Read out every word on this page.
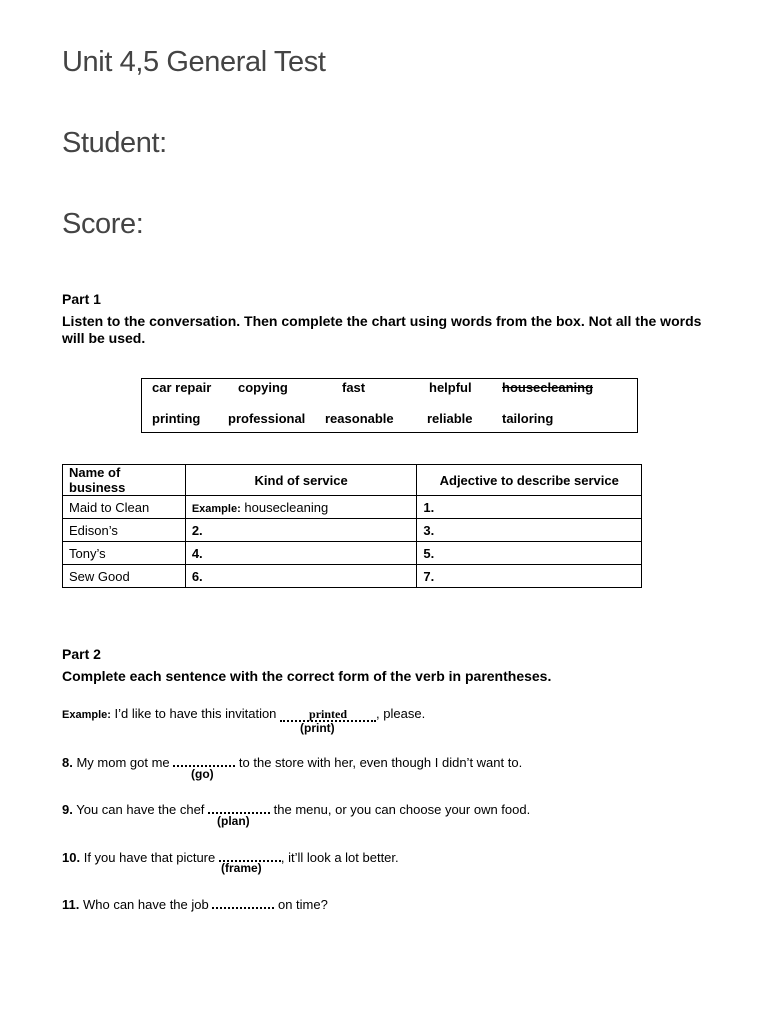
Unit 4,5 General Test
Student:
Score:
Part 1
Listen to the conversation. Then complete the chart using words from the box. Not all the words will be used.
car repair copying	fast	helpful housecleaning
printing professional reasonable	reliable tailoring
Name of business	Kind of service	Adjective to describe service
Maid to Clean	Example: housecleaning	1.
Edison’s	2.	3.
Tony’s	4.	5.
Sew Good	6.	7.
Part 2
Complete each sentence with the correct form of the verb in parentheses.
Example: I’d like to have this invitation	printed , please.
(print)
8. My mom got me	to the store with her, even though I didn’t want to.
(go)
9. You can have the chef	the menu, or you can choose your own food.
(plan)
10. If you have that picture	, it’ll look a lot better.
(frame)
11. Who can have the job	on time?
